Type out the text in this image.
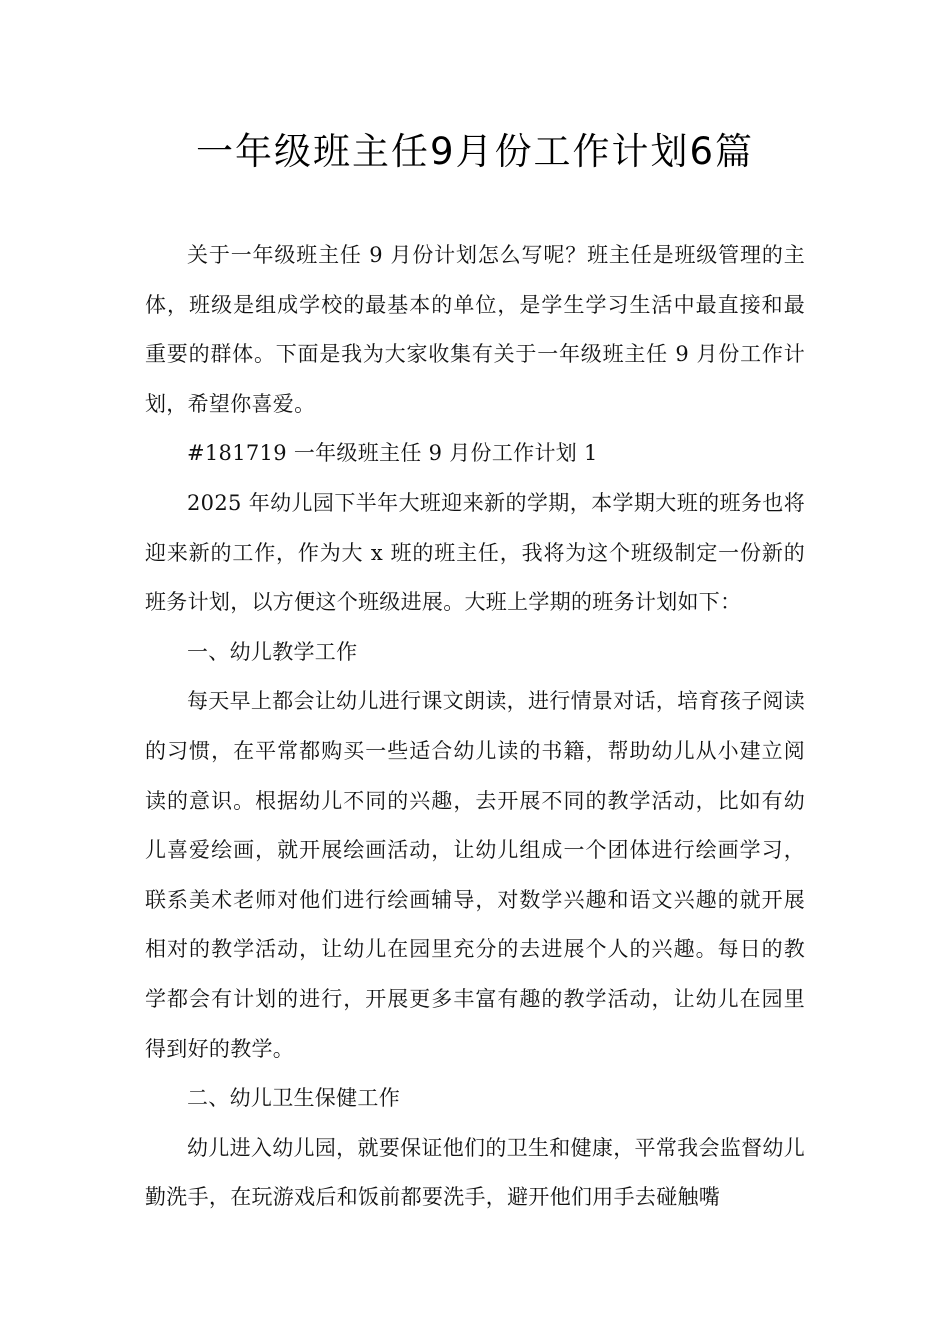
一年级班主任9月份工作计划6篇

关于一年级班主任 9 月份计划怎么写呢？班主任是班级管理的主体，班级是组成学校的最基本的单位，是学生学习生活中最直接和最重要的群体。下面是我为大家收集有关于一年级班主任 9 月份工作计划，希望你喜爱。

#181719 一年级班主任 9 月份工作计划 1

2025 年幼儿园下半年大班迎来新的学期，本学期大班的班务也将迎来新的工作，作为大 x 班的班主任，我将为这个班级制定一份新的班务计划，以方便这个班级进展。大班上学期的班务计划如下：

一、幼儿教学工作

每天早上都会让幼儿进行课文朗读，进行情景对话，培育孩子阅读的习惯，在平常都购买一些适合幼儿读的书籍，帮助幼儿从小建立阅读的意识。根据幼儿不同的兴趣，去开展不同的教学活动，比如有幼儿喜爱绘画，就开展绘画活动，让幼儿组成一个团体进行绘画学习，联系美术老师对他们进行绘画辅导，对数学兴趣和语文兴趣的就开展相对的教学活动，让幼儿在园里充分的去进展个人的兴趣。每日的教学都会有计划的进行，开展更多丰富有趣的教学活动，让幼儿在园里得到好的教学。

二、幼儿卫生保健工作

幼儿进入幼儿园，就要保证他们的卫生和健康，平常我会监督幼儿勤洗手，在玩游戏后和饭前都要洗手，避开他们用手去碰触嘴
